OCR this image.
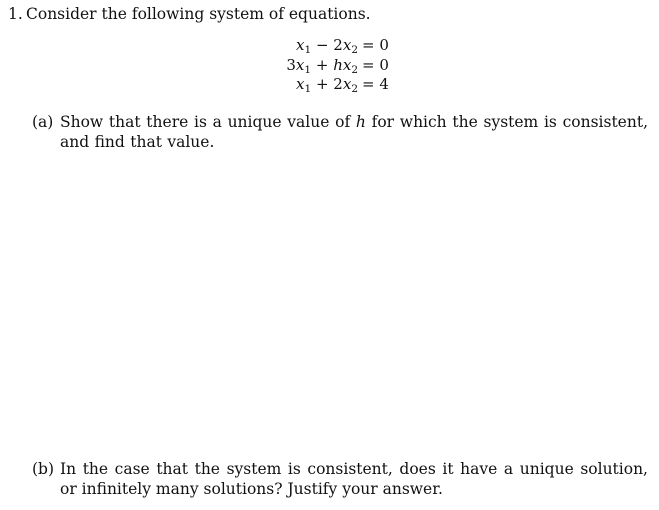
1. Consider the following system of equations.
$x_1 - 2x_2 = 0$
$3x_1 + hx_2 = 0$
$x_1 + 2x_2 = 4$
(a) Show that there is a unique value of h for which the system is consistent, and find that value.
(b) In the case that the system is consistent, does it have a unique solution, or infinitely many solutions? Justify your answer.
